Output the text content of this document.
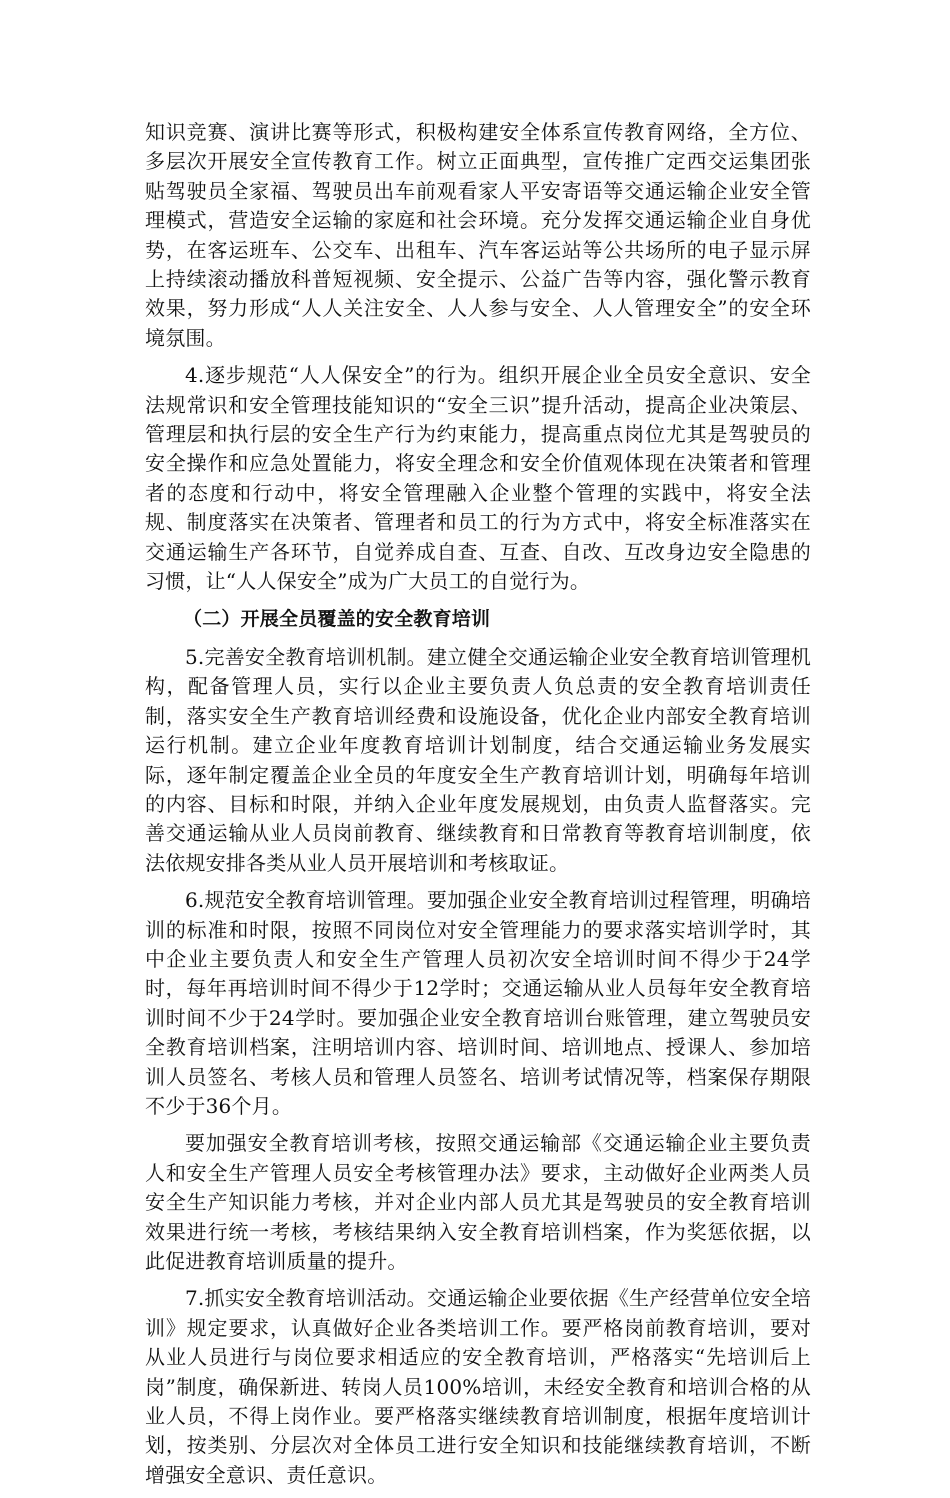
知识竞赛、演讲比赛等形式，积极构建安全体系宣传教育网络，全方位、多层次开展安全宣传教育工作。树立正面典型，宣传推广定西交运集团张贴驾驶员全家福、驾驶员出车前观看家人平安寄语等交通运输企业安全管理模式，营造安全运输的家庭和社会环境。充分发挥交通运输企业自身优势，在客运班车、公交车、出租车、汽车客运站等公共场所的电子显示屏上持续滚动播放科普短视频、安全提示、公益广告等内容，强化警示教育效果，努力形成“人人关注安全、人人参与安全、人人管理安全”的安全环境氛围。

4.逐步规范“人人保安全”的行为。组织开展企业全员安全意识、安全法规常识和安全管理技能知识的“安全三识”提升活动，提高企业决策层、管理层和执行层的安全生产行为约束能力，提高重点岗位尤其是驾驶员的安全操作和应急处置能力，将安全理念和安全价值观体现在决策者和管理者的态度和行动中，将安全管理融入企业整个管理的实践中，将安全法规、制度落实在决策者、管理者和员工的行为方式中，将安全标准落实在交通运输生产各环节，自觉养成自查、互查、自改、互改身边安全隐患的习惯，让“人人保安全”成为广大员工的自觉行为。

（二）开展全员覆盖的安全教育培训

5.完善安全教育培训机制。建立健全交通运输企业安全教育培训管理机构，配备管理人员，实行以企业主要负责人负总责的安全教育培训责任制，落实安全生产教育培训经费和设施设备，优化企业内部安全教育培训运行机制。建立企业年度教育培训计划制度，结合交通运输业务发展实际，逐年制定覆盖企业全员的年度安全生产教育培训计划，明确每年培训的内容、目标和时限，并纳入企业年度发展规划，由负责人监督落实。完善交通运输从业人员岗前教育、继续教育和日常教育等教育培训制度，依法依规安排各类从业人员开展培训和考核取证。

6.规范安全教育培训管理。要加强企业安全教育培训过程管理，明确培训的标准和时限，按照不同岗位对安全管理能力的要求落实培训学时，其中企业主要负责人和安全生产管理人员初次安全培训时间不得少于24学时，每年再培训时间不得少于12学时；交通运输从业人员每年安全教育培训时间不少于24学时。要加强企业安全教育培训台账管理，建立驾驶员安全教育培训档案，注明培训内容、培训时间、培训地点、授课人、参加培训人员签名、考核人员和管理人员签名、培训考试情况等，档案保存期限不少于36个月。

要加强安全教育培训考核，按照交通运输部《交通运输企业主要负责人和安全生产管理人员安全考核管理办法》要求，主动做好企业两类人员安全生产知识能力考核，并对企业内部人员尤其是驾驶员的安全教育培训效果进行统一考核，考核结果纳入安全教育培训档案，作为奖惩依据，以此促进教育培训质量的提升。

7.抓实安全教育培训活动。交通运输企业要依据《生产经营单位安全培训》规定要求，认真做好企业各类培训工作。要严格岗前教育培训，要对从业人员进行与岗位要求相适应的安全教育培训，严格落实“先培训后上岗”制度，确保新进、转岗人员100%培训，未经安全教育和培训合格的从业人员，不得上岗作业。要严格落实继续教育培训制度，根据年度培训计划，按类别、分层次对全体员工进行安全知识和技能继续教育培训，不断增强安全意识、责任意识。
